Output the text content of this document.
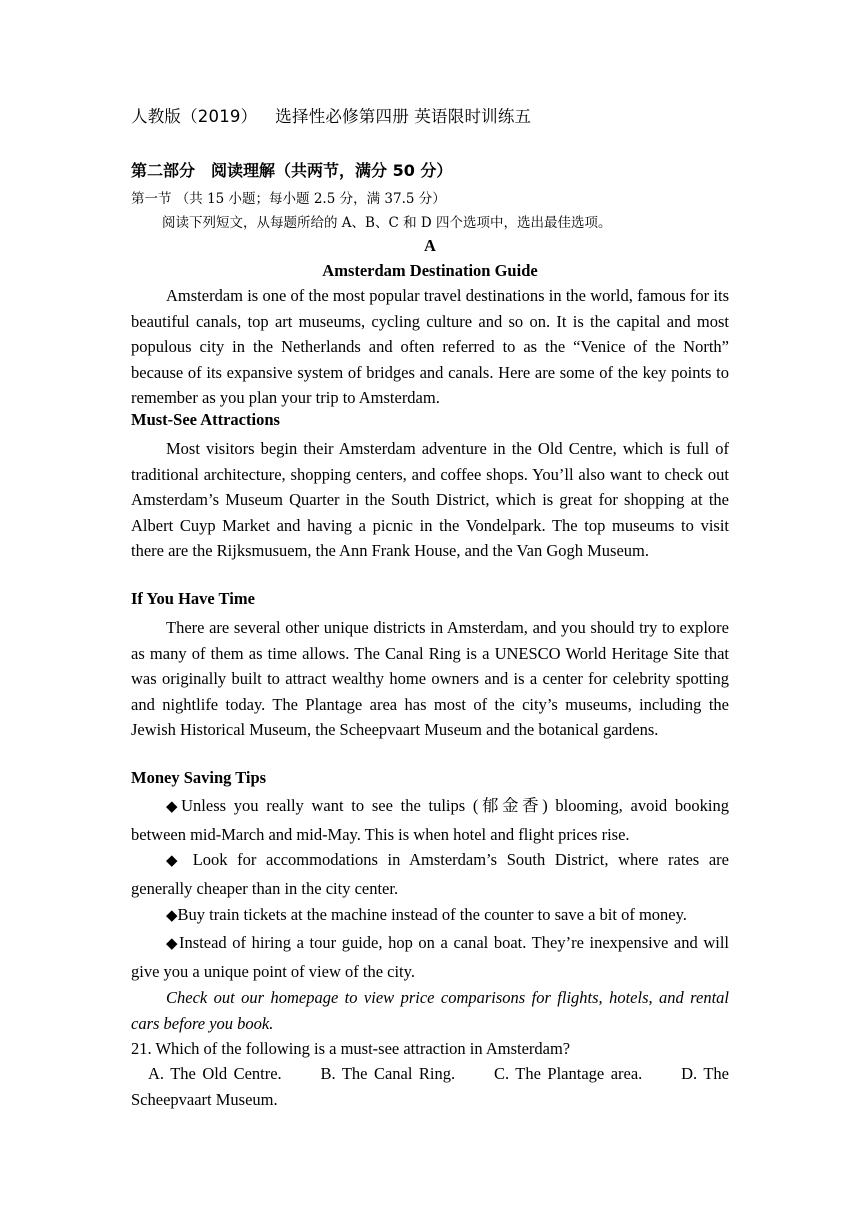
人教版（2019） 选择性必修第四册 英语限时训练五
第二部分 阅读理解（共两节，满分 50 分）
第一节 （共 15 小题；每小题 2.5 分，满 37.5 分）
阅读下列短文，从每题所给的 A、B、C 和 D 四个选项中，选出最佳选项。
A
Amsterdam Destination Guide
Amsterdam is one of the most popular travel destinations in the world, famous for its beautiful canals, top art museums, cycling culture and so on. It is the capital and most populous city in the Netherlands and often referred to as the “Venice of the North” because of its expansive system of bridges and canals. Here are some of the key points to remember as you plan your trip to Amsterdam.
Must-See Attractions
Most visitors begin their Amsterdam adventure in the Old Centre, which is full of traditional architecture, shopping centers, and coffee shops. You’ll also want to check out Amsterdam’s Museum Quarter in the South District, which is great for shopping at the Albert Cuyp Market and having a picnic in the Vondelpark. The top museums to visit there are the Rijksmusuem, the Ann Frank House, and the Van Gogh Museum.
If You Have Time
There are several other unique districts in Amsterdam, and you should try to explore as many of them as time allows. The Canal Ring is a UNESCO World Heritage Site that was originally built to attract wealthy home owners and is a center for celebrity spotting and nightlife today. The Plantage area has most of the city’s museums, including the Jewish Historical Museum, the Scheepvaart Museum and the botanical gardens.
Money Saving Tips
◆Unless you really want to see the tulips (郁金香) blooming, avoid booking between mid-March and mid-May. This is when hotel and flight prices rise.
◆ Look for accommodations in Amsterdam’s South District, where rates are generally cheaper than in the city center.
◆Buy train tickets at the machine instead of the counter to save a bit of money.
◆Instead of hiring a tour guide, hop on a canal boat. They’re inexpensive and will give you a unique point of view of the city.
Check out our homepage to view price comparisons for flights, hotels, and rental cars before you book.
21. Which of the following is a must-see attraction in Amsterdam?
A. The Old Centre. B. The Canal Ring. C. The Plantage area. D. The Scheepvaart Museum.
